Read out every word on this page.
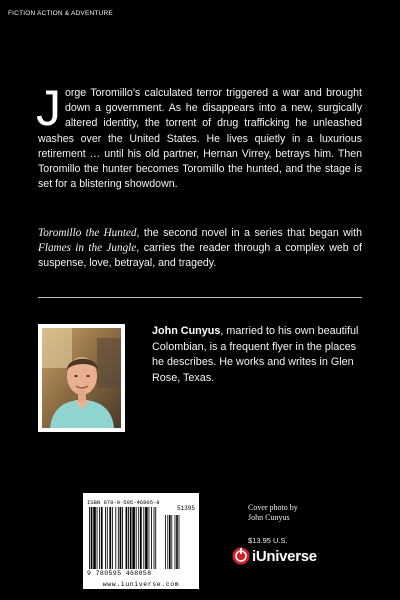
FICTION ACTION & ADVENTURE
Jorge Toromillo’s calculated terror triggered a war and brought down a government. As he disappears into a new, surgically altered identity, the torrent of drug trafficking he unleashed washes over the United States. He lives quietly in a luxurious retirement … until his old partner, Hernan Virrey, betrays him. Then Toromillo the hunter becomes Toromillo the hunted, and the stage is set for a blistering showdown.
Toromillo the Hunted, the second novel in a series that began with Flames in the Jungle, carries the reader through a complex web of suspense, love, betrayal, and tragedy.
John Cunyus, married to his own beautiful Colombian, is a frequent flyer in the places he describes. He works and writes in Glen Rose, Texas.
ISBN 978-0-595-46805-8
9 780595 468058
51395
www.iuniverse.com
Cover photo by
John Cunyus
$13.95 U.S.
iUniverse
